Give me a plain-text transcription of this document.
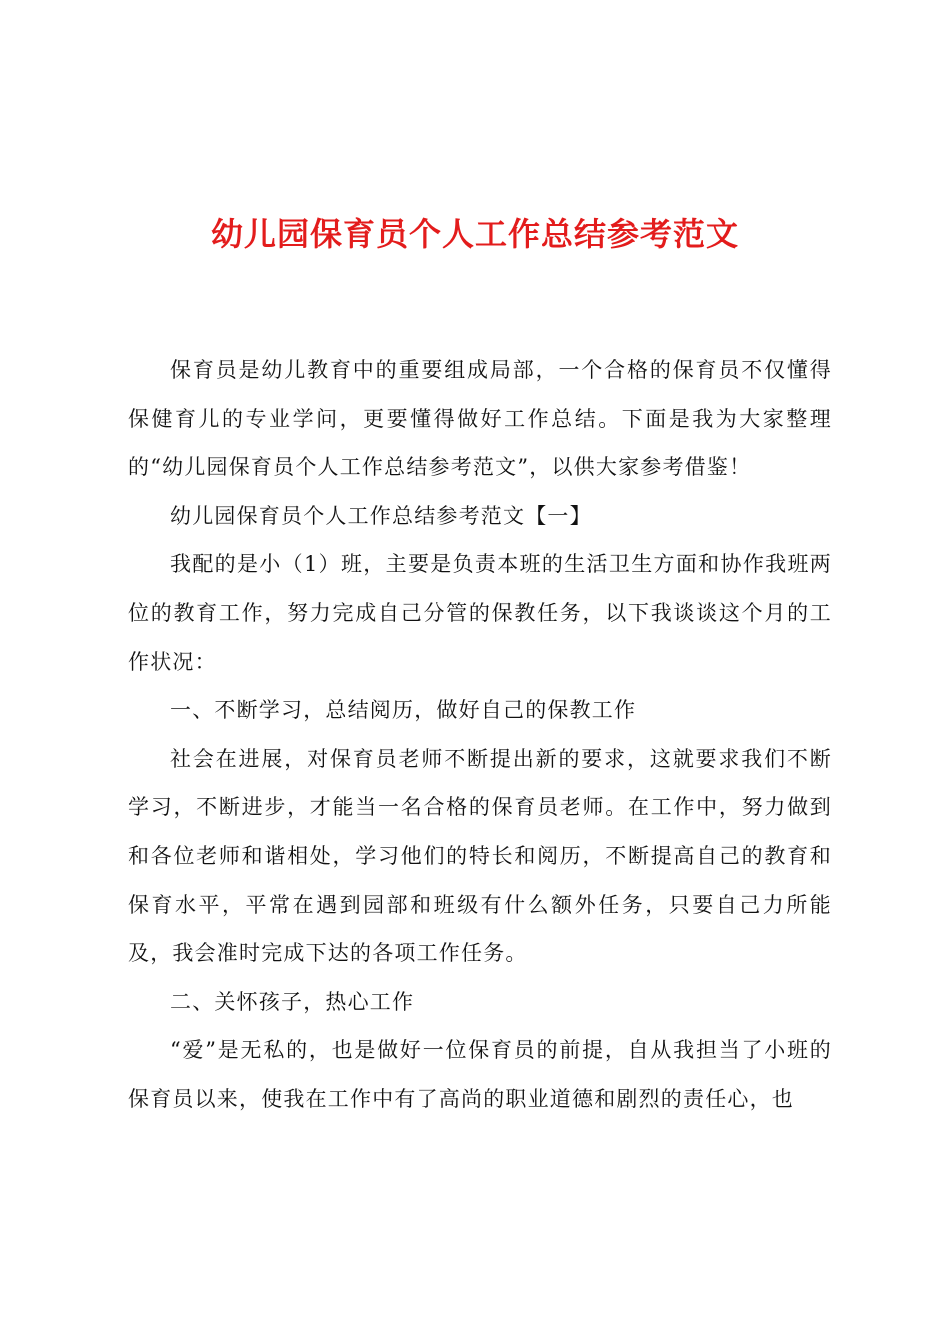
幼儿园保育员个人工作总结参考范文

保育员是幼儿教育中的重要组成局部，一个合格的保育员不仅懂得保健育儿的专业学问，更要懂得做好工作总结。下面是我为大家整理的“幼儿园保育员个人工作总结参考范文”，以供大家参考借鉴！

幼儿园保育员个人工作总结参考范文【一】

我配的是小（1）班，主要是负责本班的生活卫生方面和协作我班两位的教育工作，努力完成自己分管的保教任务，以下我谈谈这个月的工作状况：

一、不断学习，总结阅历，做好自己的保教工作

社会在进展，对保育员老师不断提出新的要求，这就要求我们不断学习，不断进步，才能当一名合格的保育员老师。在工作中，努力做到和各位老师和谐相处，学习他们的特长和阅历，不断提高自己的教育和保育水平，平常在遇到园部和班级有什么额外任务，只要自己力所能及，我会准时完成下达的各项工作任务。

二、关怀孩子，热心工作

“爱”是无私的，也是做好一位保育员的前提，自从我担当了小班的保育员以来，使我在工作中有了高尚的职业道德和剧烈的责任心，也
